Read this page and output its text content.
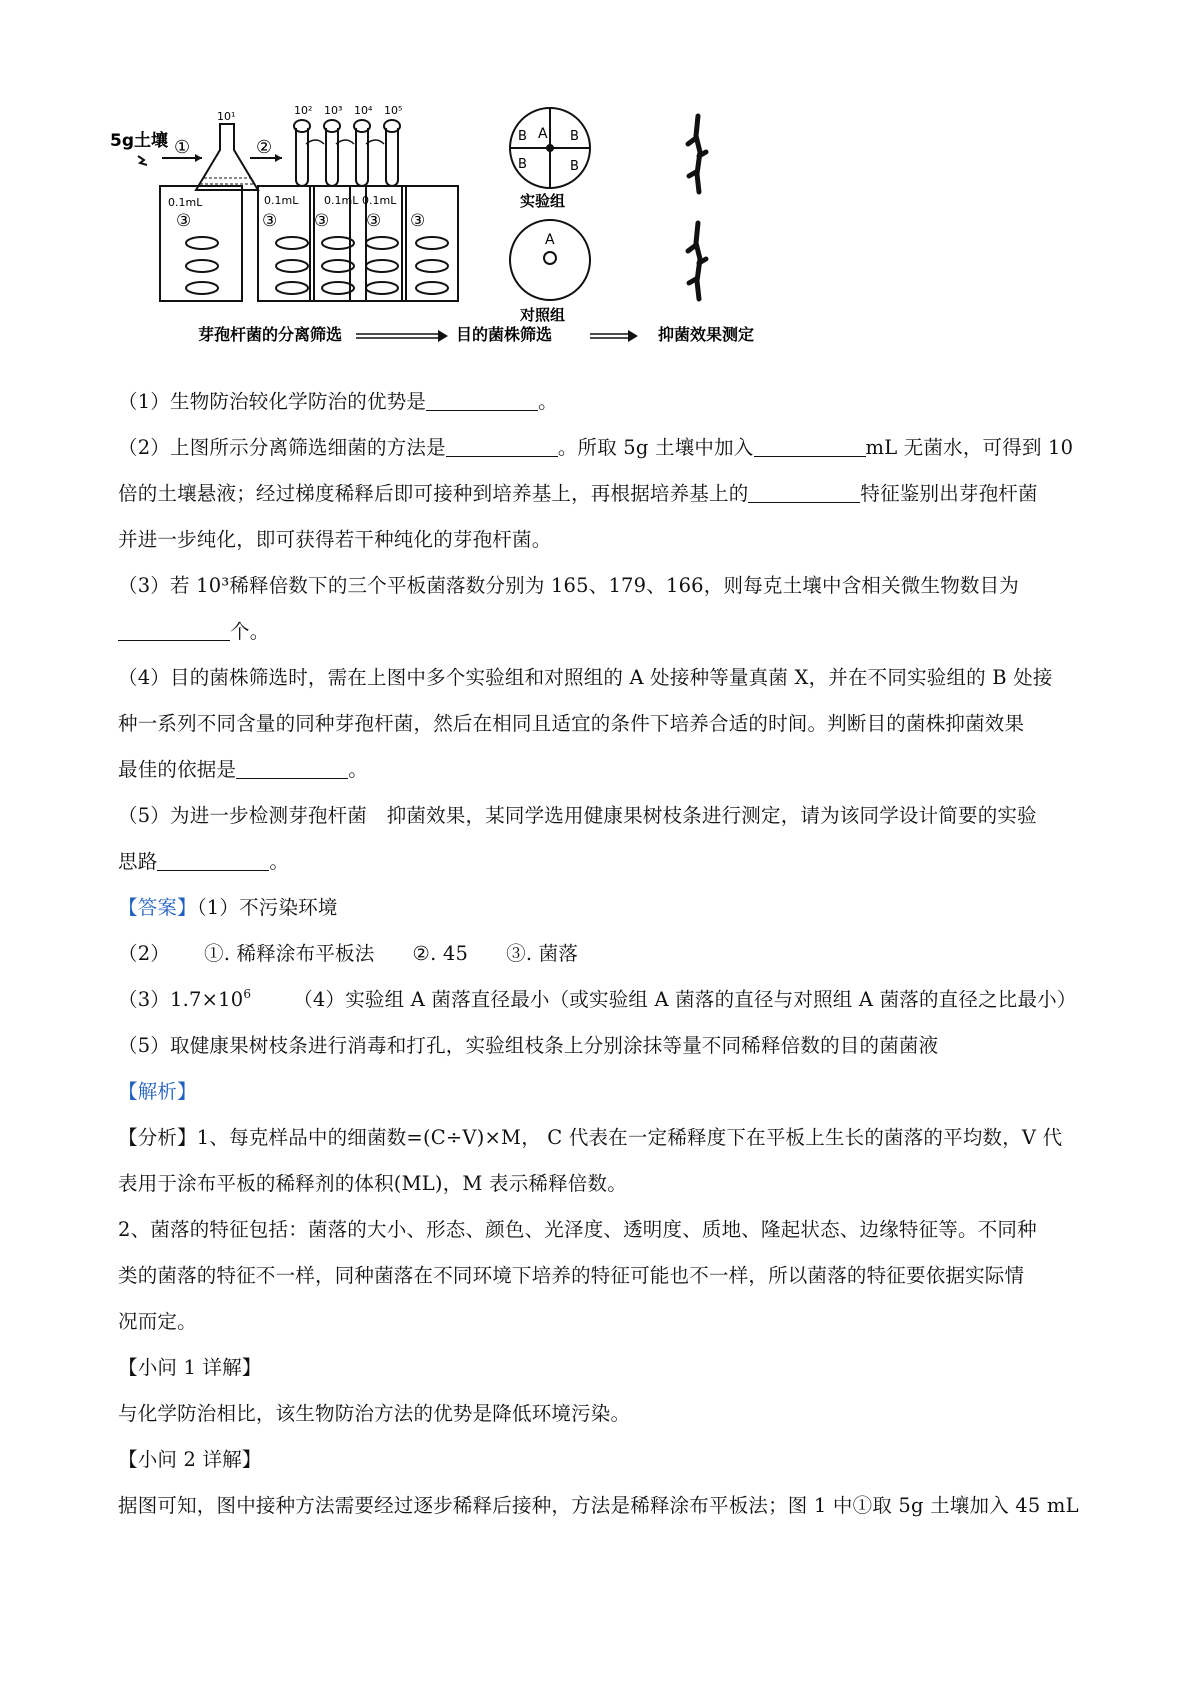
5g土壤 ①
10¹
②
10² 10³ 10⁴ 10⁵
0.1mL	0.1mL 0.1mL 0.1mL
③	③ ③ ③ ③
A
B	B
B	B
实验组
A
对照组
芽孢杆菌的分离筛选	目的菌株筛选	抑菌效果测定
（1）生物防治较化学防治的优势是	。
（2）上图所示分离筛选细菌的方法是	。所取 5g 土壤中加入	mL 无菌水，可得到 10
倍的土壤悬液；经过梯度稀释后即可接种到培养基上，再根据培养基上的	特征鉴别出芽孢杆菌
并进一步纯化，即可获得若干种纯化的芽孢杆菌。
（3）若 10³稀释倍数下的三个平板菌落数分别为 165、179、166，则每克土壤中含相关微生物数目为
个。
（4）目的菌株筛选时，需在上图中多个实验组和对照组的 A 处接种等量真菌 X，并在不同实验组的 B 处接
种一系列不同含量的同种芽孢杆菌，然后在相同且适宜的条件下培养合适的时间。判断目的菌株抑菌效果
最佳的依据是	。
（5）为进一步检测芽孢杆菌　抑菌效果，某同学选用健康果树枝条进行测定，请为该同学设计简要的实验
思路	。
【答案】（1）不污染环境
（2） ①. 稀释涂布平板法 ②. 45 ③. 菌落
$(3)1.7\times 10^6$ （4）实验组 A 菌落直径最小（或实验组 A 菌落的直径与对照组 A 菌落的直径之比最小）
（5）取健康果树枝条进行消毒和打孔，实验组枝条上分别涂抹等量不同稀释倍数的目的菌菌液
【解析】
【分析】1、每克样品中的细菌数=(C÷V)×M， C 代表在一定稀释度下在平板上生长的菌落的平均数，V 代
表用于涂布平板的稀释剂的体积(ML)，M 表示稀释倍数。
2、菌落的特征包括：菌落的大小、形态、颜色、光泽度、透明度、质地、隆起状态、边缘特征等。不同种
类的菌落的特征不一样，同种菌落在不同环境下培养的特征可能也不一样，所以菌落的特征要依据实际情
况而定。
【小问 1 详解】
与化学防治相比，该生物防治方法的优势是降低环境污染。
【小问 2 详解】
据图可知，图中接种方法需要经过逐步稀释后接种，方法是稀释涂布平板法；图 1 中①取 5g 土壤加入 45 mL
